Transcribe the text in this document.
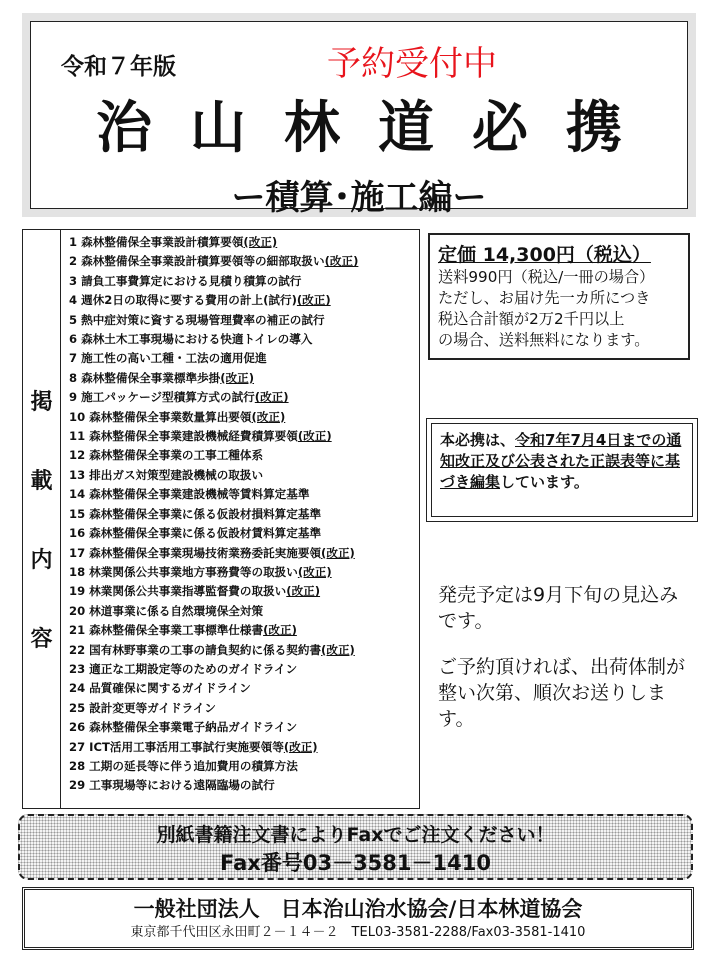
令和７年版	予約受付中
治山林道必携
ー積算･施工編ー
掲
載
内
容
1 森林整備保全事業設計積算要領(改正)
2 森林整備保全事業設計積算要領等の細部取扱い(改正)
3 請負工事費算定における見積り積算の試行
4 週休2日の取得に要する費用の計上(試行)(改正)
5 熱中症対策に資する現場管理費率の補正の試行
6 森林土木工事現場における快適トイレの導入
7 施工性の高い工種・工法の適用促進
8 森林整備保全事業標準歩掛(改正)
9 施工パッケージ型積算方式の試行(改正)
10 森林整備保全事業数量算出要領(改正)
11 森林整備保全事業建設機械経費積算要領(改正)
12 森林整備保全事業の工事工種体系
13 排出ガス対策型建設機械の取扱い
14 森林整備保全事業建設機械等賃料算定基準
15 森林整備保全事業に係る仮設材損料算定基準
16 森林整備保全事業に係る仮設材賃料算定基準
17 森林整備保全事業現場技術業務委託実施要領(改正)
18 林業関係公共事業地方事務費等の取扱い(改正)
19 林業関係公共事業指導監督費の取扱い(改正)
20 林道事業に係る自然環境保全対策
21 森林整備保全事業工事標準仕様書(改正)
22 国有林野事業の工事の請負契約に係る契約書(改正)
23 適正な工期設定等のためのガイドライン
24 品質確保に関するガイドライン
25 設計変更等ガイドライン
26 森林整備保全事業電子納品ガイドライン
27 ICT活用工事活用工事試行実施要領等(改正)
28 工期の延長等に伴う追加費用の積算方法
29 工事現場等における遠隔臨場の試行
定価 14,300円（税込）
送料990円（税込/一冊の場合）
ただし、お届け先一カ所につき
税込合計額が2万2千円以上
の場合、送料無料になります。
本必携は、令和7年7月4日までの通知改正及び公表された正誤表等に基づき編集しています。

発売予定は9月下旬の見込みです。

ご予約頂ければ、出荷体制が整い次第、順次お送りします。

別紙書籍注文書によりFaxでご注文ください！
Fax番号03－3581－1410
一般社団法人　日本治山治水協会/日本林道協会
東京都千代田区永田町２－１４－２　TEL03-3581-2288/Fax03-3581-1410
